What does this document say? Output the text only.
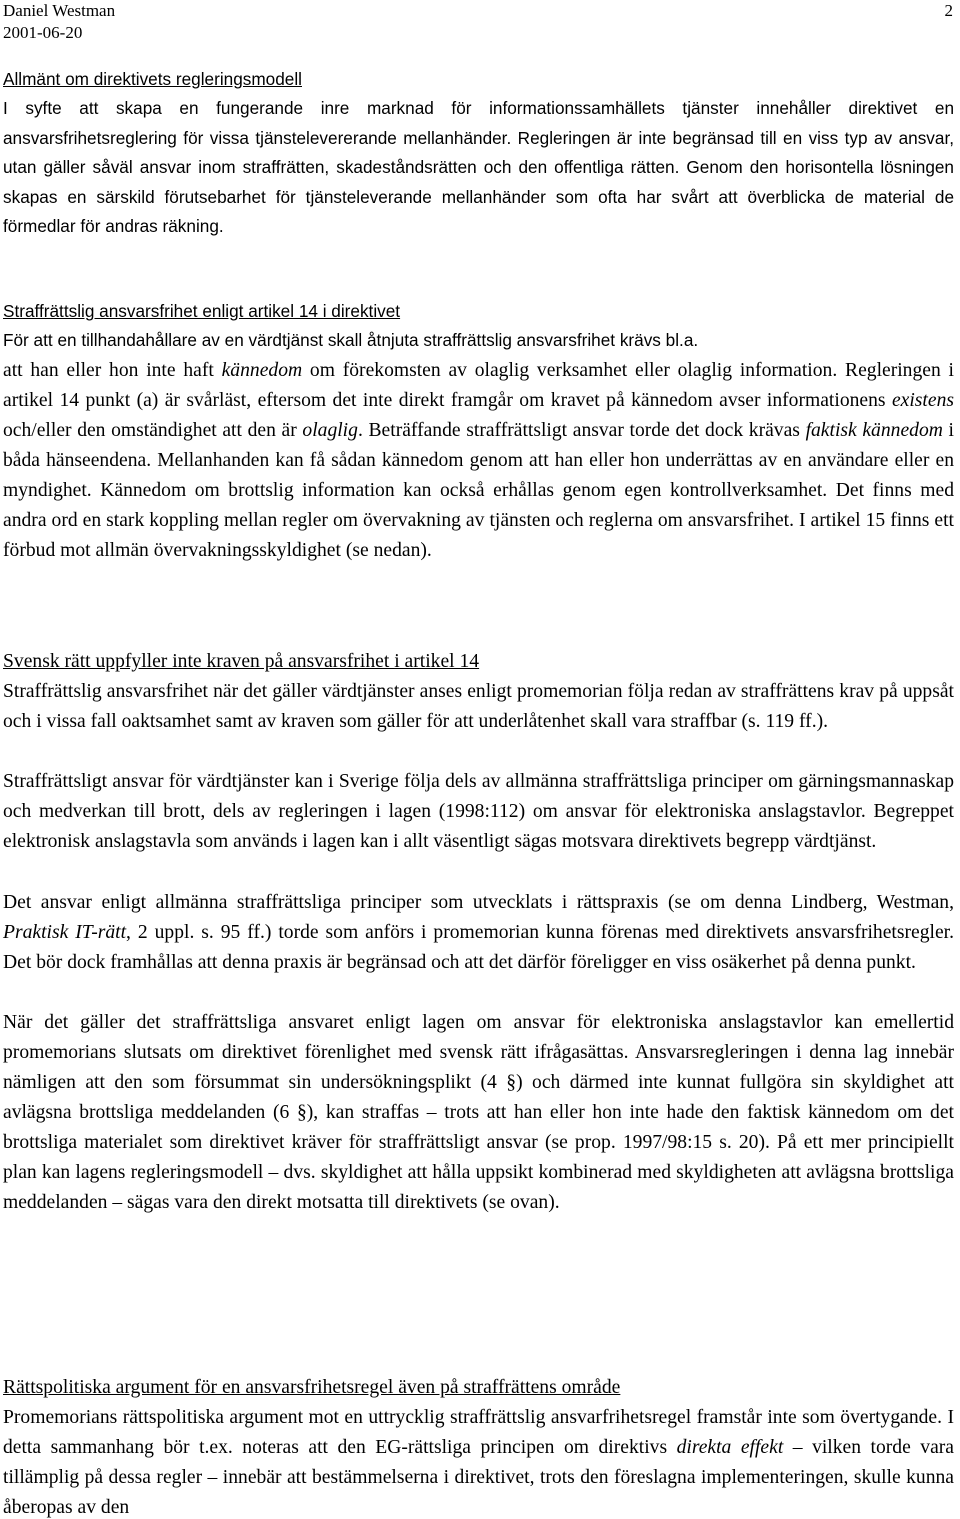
Daniel Westman	2
2001-06-20
Allmänt om direktivets regleringsmodell

I syfte att skapa en fungerande inre marknad för informationssamhällets tjänster innehåller direktivet en ansvarsfrihetsreglering för vissa tjänstelevererande mellanhänder. Regleringen är inte begränsad till en viss typ av ansvar, utan gäller såväl ansvar inom straffrätten, skadeståndsrätten och den offentliga rätten. Genom den horisontella lösningen skapas en särskild förutsebarhet för tjänsteleverande mellanhänder som ofta har svårt att överblicka de material de förmedlar för andras räkning.

Straffrättslig ansvarsfrihet enligt artikel 14 i direktivet
För att en tillhandahållare av en värdtjänst skall åtnjuta straffrättslig ansvarsfrihet krävs bl.a.

att han eller hon inte haft kännedom om förekomsten av olaglig verksamhet eller olaglig information. Regleringen i artikel 14 punkt (a) är svårläst, eftersom det inte direkt framgår om kravet på kännedom avser informationens existens och/eller den omständighet att den är olaglig. Beträffande straffrättsligt ansvar torde det dock krävas faktisk kännedom i båda hänseendena. Mellanhanden kan få sådan kännedom genom att han eller hon underrättas av en användare eller en myndighet. Kännedom om brottslig information kan också erhållas genom egen kontrollverksamhet. Det finns med andra ord en stark koppling mellan regler om övervakning av tjänsten och reglerna om ansvarsfrihet. I artikel 15 finns ett förbud mot allmän övervakningsskyldighet (se nedan).

Svensk rätt uppfyller inte kraven på ansvarsfrihet i artikel 14

Straffrättslig ansvarsfrihet när det gäller värdtjänster anses enligt promemorian följa redan av straffrättens krav på uppsåt och i vissa fall oaktsamhet samt av kraven som gäller för att underlåtenhet skall vara straffbar (s. 119 ff.).

Straffrättsligt ansvar för värdtjänster kan i Sverige följa dels av allmänna straffrättsliga principer om gärningsmannaskap och medverkan till brott, dels av regleringen i lagen (1998:112) om ansvar för elektroniska anslagstavlor. Begreppet elektronisk anslagstavla som används i lagen kan i allt väsentligt sägas motsvara direktivets begrepp värdtjänst.

Det ansvar enligt allmänna straffrättsliga principer som utvecklats i rättspraxis (se om denna Lindberg, Westman, Praktisk IT-rätt, 2 uppl. s. 95 ff.) torde som anförs i promemorian kunna förenas med direktivets ansvarsfrihetsregler. Det bör dock framhållas att denna praxis är begränsad och att det därför föreligger en viss osäkerhet på denna punkt.

När det gäller det straffrättsliga ansvaret enligt lagen om ansvar för elektroniska anslagstavlor kan emellertid promemorians slutsats om direktivet förenlighet med svensk rätt ifrågasättas. Ansvarsregleringen i denna lag innebär nämligen att den som försummat sin undersökningsplikt (4 §) och därmed inte kunnat fullgöra sin skyldighet att avlägsna brottsliga meddelanden (6 §), kan straffas – trots att han eller hon inte hade den faktisk kännedom om det brottsliga materialet som direktivet kräver för straffrättsligt ansvar (se prop. 1997/98:15 s. 20). På ett mer principiellt plan kan lagens regleringsmodell – dvs. skyldighet att hålla uppsikt kombinerad med skyldigheten att avlägsna brottsliga meddelanden – sägas vara den direkt motsatta till direktivets (se ovan).

Rättspolitiska argument för en ansvarsfrihetsregel även på straffrättens område

Promemorians rättspolitiska argument mot en uttrycklig straffrättslig ansvarfrihetsregel framstår inte som övertygande. I detta sammanhang bör t.ex. noteras att den EG-rättsliga principen om direktivs direkta effekt – vilken torde vara tillämplig på dessa regler – innebär att bestämmelserna i direktivet, trots den föreslagna implementeringen, skulle kunna åberopas av den
